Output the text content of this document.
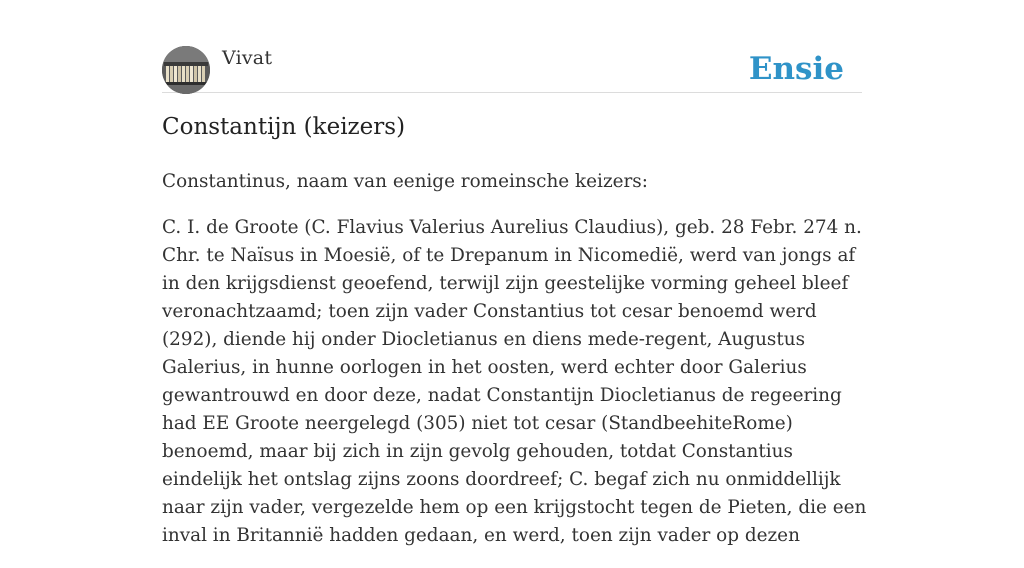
Vivat	Ensie
Constantijn (keizers)

Constantinus, naam van eenige romeinsche keizers:

C. I. de Groote (C. Flavius Valerius Aurelius Claudius), geb. 28 Febr. 274 n. Chr. te Naïsus in Moesië, of te Drepanum in Nicomedië, werd van jongs af in den krijgsdienst geoefend, terwijl zijn geestelijke vorming geheel bleef veronachtzaamd; toen zijn vader Constantius tot cesar benoemd werd (292), diende hij onder Diocletianus en diens mede-regent, Augustus Galerius, in hunne oorlogen in het oosten, werd echter door Galerius gewantrouwd en door deze, nadat Constantijn Diocletianus de regeering had EE Groote neergelegd (305) niet tot cesar (StandbeehiteRome) benoemd, maar bij zich in zijn gevolg gehouden, totdat Constantius eindelijk het ontslag zijns zoons doordreef; C. begaf zich nu onmiddellijk naar zijn vader, vergezelde hem op een krijgstocht tegen de Pieten, die een inval in Britannië hadden gedaan, en werd, toen zijn vader op dezen
